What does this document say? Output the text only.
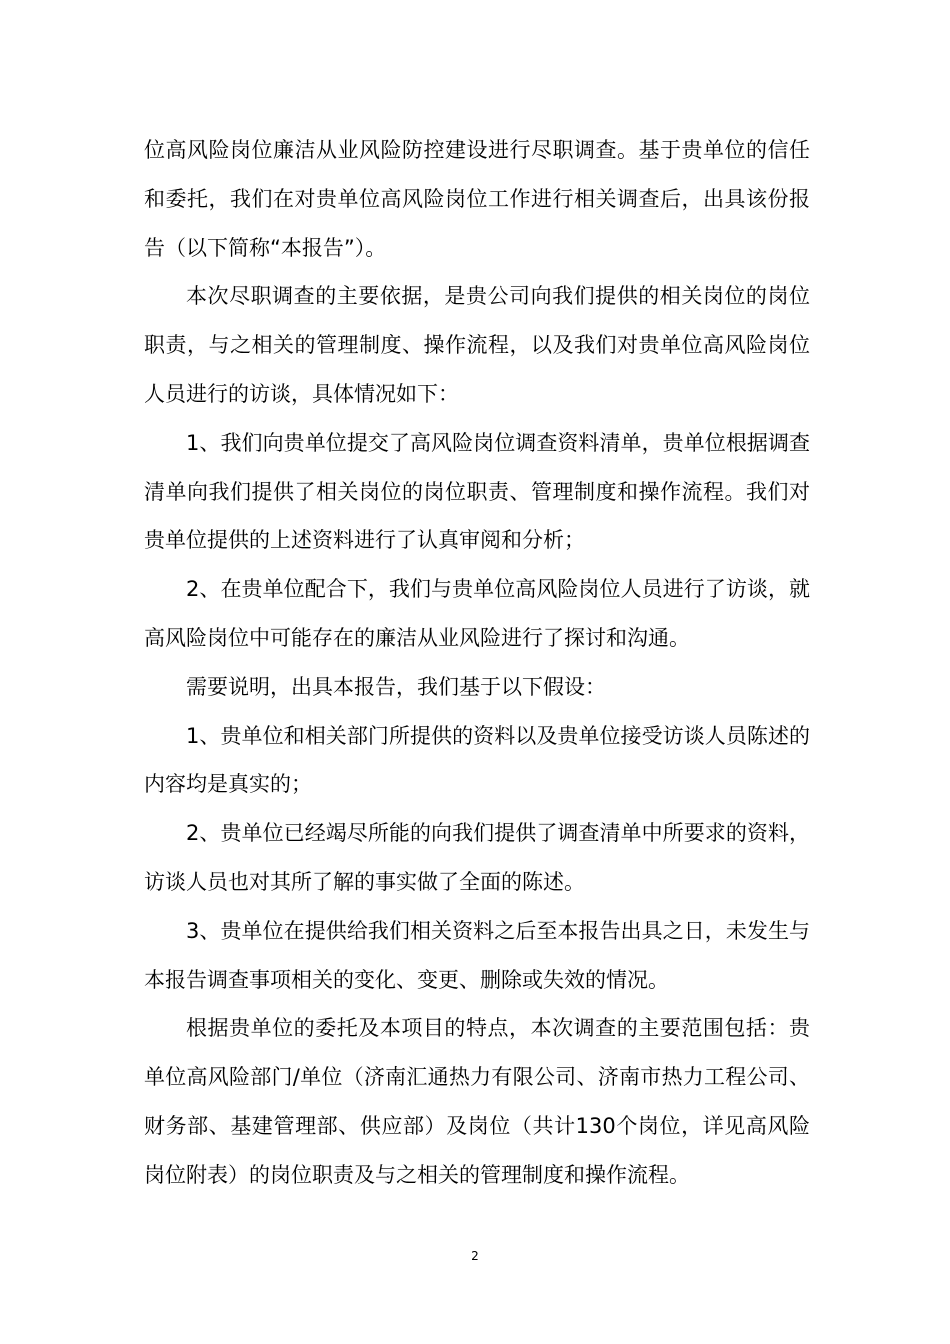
位高风险岗位廉洁从业风险防控建设进行尽职调查。基于贵单位的信任和委托，我们在对贵单位高风险岗位工作进行相关调查后，出具该份报告（以下简称“本报告”）。

本次尽职调查的主要依据，是贵公司向我们提供的相关岗位的岗位职责，与之相关的管理制度、操作流程，以及我们对贵单位高风险岗位人员进行的访谈，具体情况如下：

1、我们向贵单位提交了高风险岗位调查资料清单，贵单位根据调查清单向我们提供了相关岗位的岗位职责、管理制度和操作流程。我们对贵单位提供的上述资料进行了认真审阅和分析；

2、在贵单位配合下，我们与贵单位高风险岗位人员进行了访谈，就高风险岗位中可能存在的廉洁从业风险进行了探讨和沟通。

需要说明，出具本报告，我们基于以下假设：

1、贵单位和相关部门所提供的资料以及贵单位接受访谈人员陈述的内容均是真实的；

2、贵单位已经竭尽所能的向我们提供了调查清单中所要求的资料，访谈人员也对其所了解的事实做了全面的陈述。

3、贵单位在提供给我们相关资料之后至本报告出具之日，未发生与本报告调查事项相关的变化、变更、删除或失效的情况。

根据贵单位的委托及本项目的特点，本次调查的主要范围包括：贵单位高风险部门/单位（济南汇通热力有限公司、济南市热力工程公司、财务部、基建管理部、供应部）及岗位（共计130个岗位，详见高风险岗位附表）的岗位职责及与之相关的管理制度和操作流程。

2
